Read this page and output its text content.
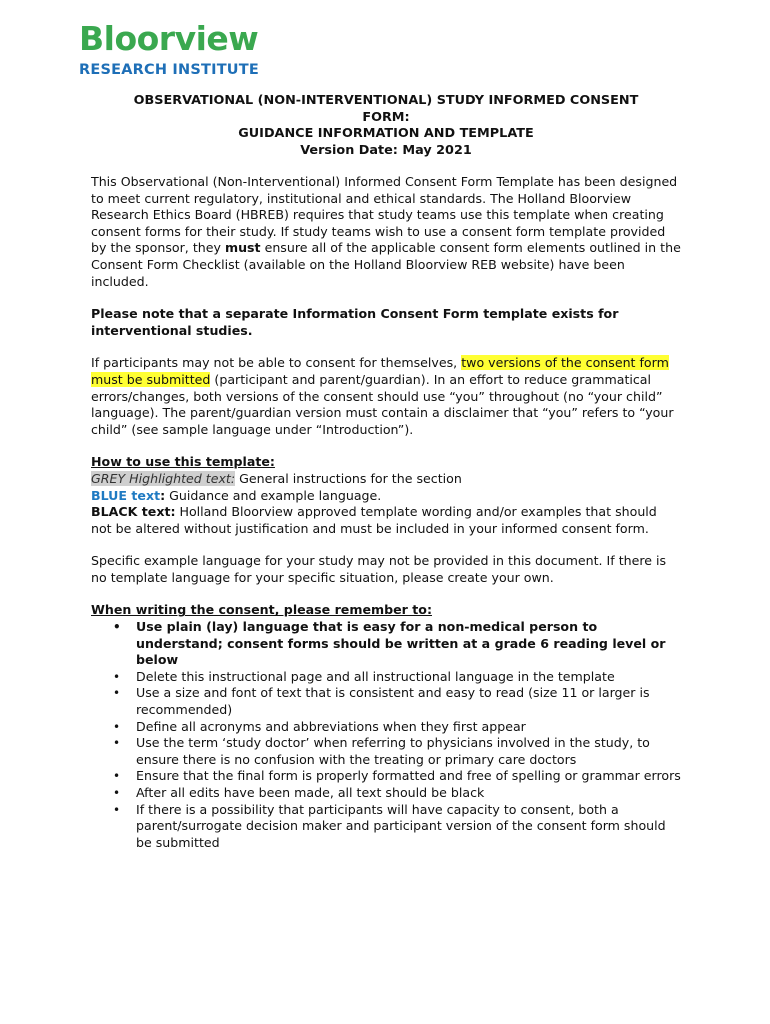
Bloorview
RESEARCH INSTITUTE
OBSERVATIONAL (NON-INTERVENTIONAL) STUDY INFORMED CONSENT
FORM:
GUIDANCE INFORMATION AND TEMPLATE
Version Date: May 2021

This Observational (Non-Interventional) Informed Consent Form Template has been designed to meet current regulatory, institutional and ethical standards. The Holland Bloorview Research Ethics Board (HBREB) requires that study teams use this template when creating consent forms for their study. If study teams wish to use a consent form template provided by the sponsor, they must ensure all of the applicable consent form elements outlined in the Consent Form Checklist (available on the Holland Bloorview REB website) have been included.

Please note that a separate Information Consent Form template exists for interventional studies.

If participants may not be able to consent for themselves, two versions of the consent form must be submitted (participant and parent/guardian). In an effort to reduce grammatical errors/changes, both versions of the consent should use “you” throughout (no “your child” language). The parent/guardian version must contain a disclaimer that “you” refers to “your child” (see sample language under “Introduction”).

How to use this template:
GREY Highlighted text: General instructions for the section
BLUE text: Guidance and example language.
BLACK text: Holland Bloorview approved template wording and/or examples that should not be altered without justification and must be included in your informed consent form.

Specific example language for your study may not be provided in this document. If there is no template language for your specific situation, please create your own.

When writing the consent, please remember to:
• Use plain (lay) language that is easy for a non-medical person to understand; consent forms should be written at a grade 6 reading level or below
• Delete this instructional page and all instructional language in the template
• Use a size and font of text that is consistent and easy to read (size 11 or larger is recommended)
• Define all acronyms and abbreviations when they first appear
• Use the term ‘study doctor’ when referring to physicians involved in the study, to ensure there is no confusion with the treating or primary care doctors
• Ensure that the final form is properly formatted and free of spelling or grammar errors
• After all edits have been made, all text should be black
• If there is a possibility that participants will have capacity to consent, both a parent/surrogate decision maker and participant version of the consent form should be submitted
